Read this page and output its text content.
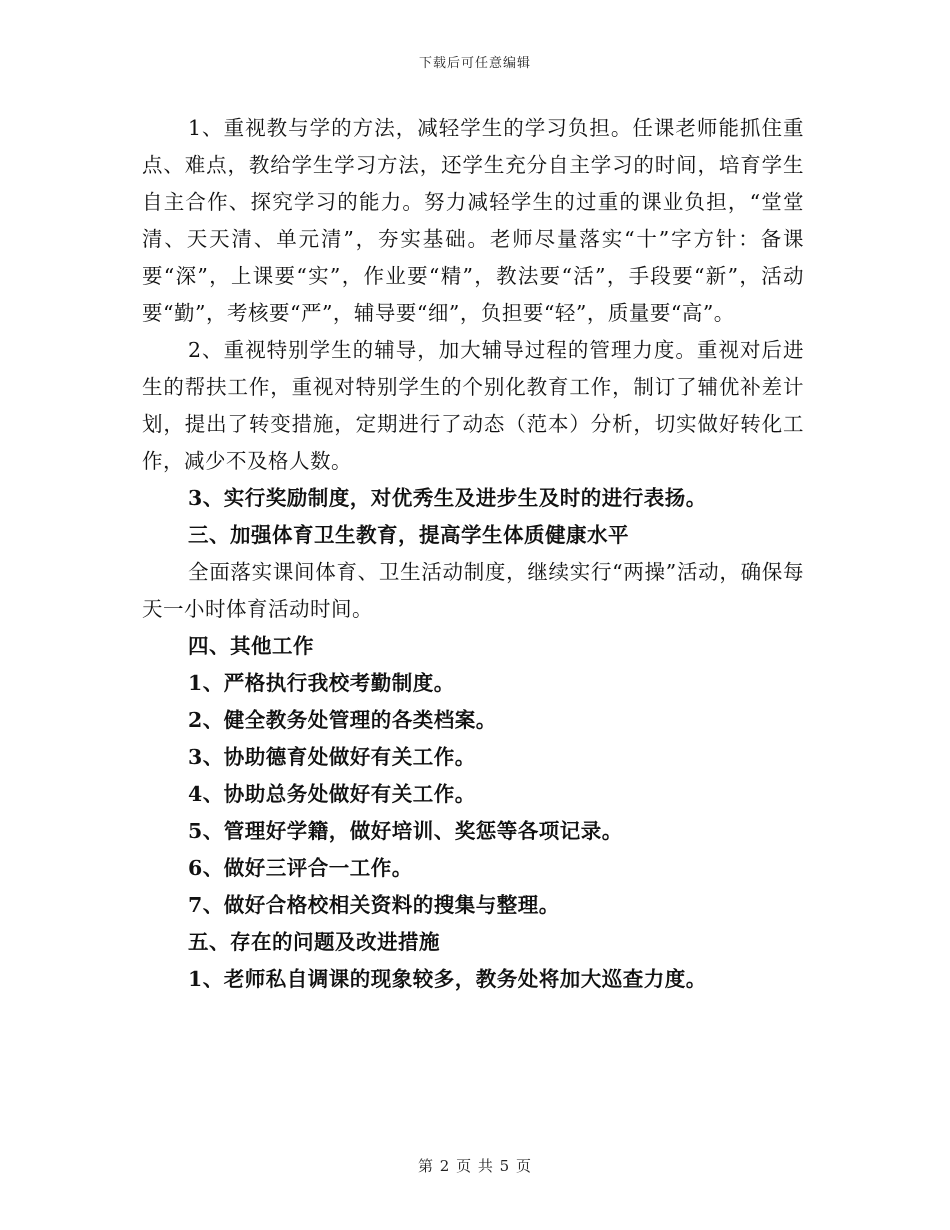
下载后可任意编辑

1、重视教与学的方法，减轻学生的学习负担。任课老师能抓住重点、难点，教给学生学习方法，还学生充分自主学习的时间，培育学生自主合作、探究学习的能力。努力减轻学生的过重的课业负担，“堂堂清、天天清、单元清”，夯实基础。老师尽量落实“十”字方针：备课要“深”，上课要“实”，作业要“精”，教法要“活”，手段要“新”，活动要“勤”，考核要“严”，辅导要“细”，负担要“轻”，质量要“高”。

2、重视特别学生的辅导，加大辅导过程的管理力度。重视对后进生的帮扶工作，重视对特别学生的个别化教育工作，制订了辅优补差计划，提出了转变措施，定期进行了动态（范本）分析，切实做好转化工作，减少不及格人数。

3、实行奖励制度，对优秀生及进步生及时的进行表扬。

三、加强体育卫生教育，提高学生体质健康水平

全面落实课间体育、卫生活动制度，继续实行“两操”活动，确保每天一小时体育活动时间。

四、其他工作

1、严格执行我校考勤制度。

2、健全教务处管理的各类档案。

3、协助德育处做好有关工作。

4、协助总务处做好有关工作。

5、管理好学籍，做好培训、奖惩等各项记录。

6、做好三评合一工作。

7、做好合格校相关资料的搜集与整理。

五、存在的问题及改进措施

1、老师私自调课的现象较多，教务处将加大巡查力度。

第 2 页 共 5 页
